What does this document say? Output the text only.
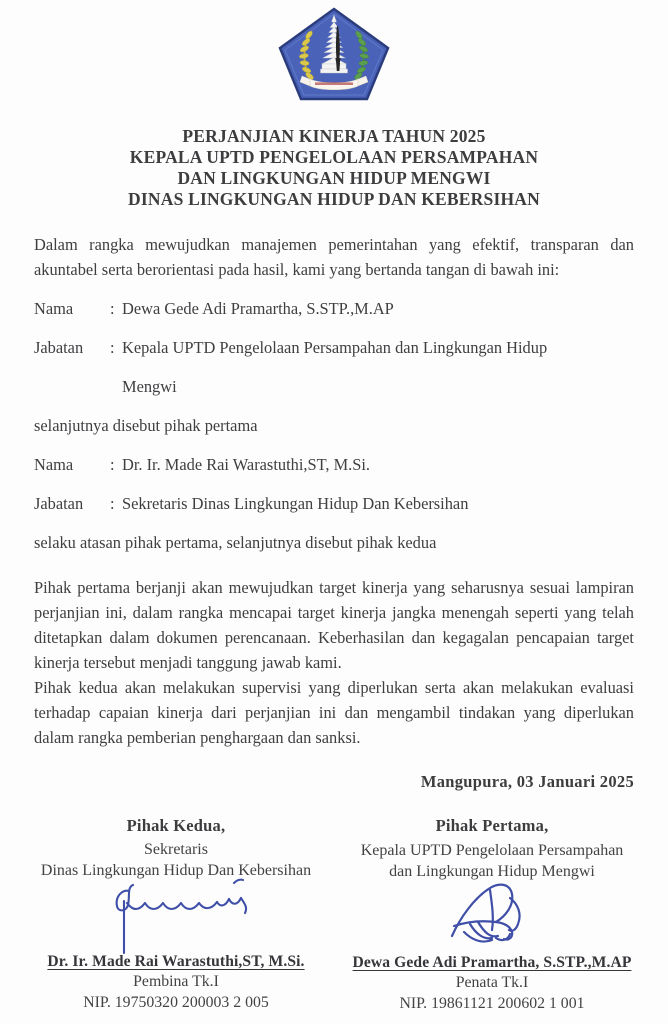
PERJANJIAN KINERJA TAHUN 2025
KEPALA UPTD PENGELOLAAN PERSAMPAHAN
DAN LINGKUNGAN HIDUP MENGWI
DINAS LINGKUNGAN HIDUP DAN KEBERSIHAN

Dalam rangka mewujudkan manajemen pemerintahan yang efektif, transparan dan akuntabel serta berorientasi pada hasil, kami yang bertanda tangan di bawah ini:

Nama	: Dewa Gede Adi Pramartha, S.STP.,M.AP
Jabatan	: Kepala UPTD Pengelolaan Persampahan dan Lingkungan Hidup
Mengwi

selanjutnya disebut pihak pertama

Nama	: Dr. Ir. Made Rai Warastuthi,ST, M.Si.
Jabatan	: Sekretaris Dinas Lingkungan Hidup Dan Kebersihan

selaku atasan pihak pertama, selanjutnya disebut pihak kedua

Pihak pertama berjanji akan mewujudkan target kinerja yang seharusnya sesuai lampiran perjanjian ini, dalam rangka mencapai target kinerja jangka menengah seperti yang telah ditetapkan dalam dokumen perencanaan. Keberhasilan dan kegagalan pencapaian target kinerja tersebut menjadi tanggung jawab kami.

Pihak kedua akan melakukan supervisi yang diperlukan serta akan melakukan evaluasi terhadap capaian kinerja dari perjanjian ini dan mengambil tindakan yang diperlukan dalam rangka pemberian penghargaan dan sanksi.

Mangupura, 03 Januari 2025
Pihak Kedua,
Sekretaris
Dinas Lingkungan Hidup Dan Kebersihan
Dr. Ir. Made Rai Warastuthi,ST, M.Si.
Pembina Tk.I
NIP. 19750320 200003 2 005
Pihak Pertama,
Kepala UPTD Pengelolaan Persampahan
dan Lingkungan Hidup Mengwi
Dewa Gede Adi Pramartha, S.STP.,M.AP
Penata Tk.I
NIP. 19861121 200602 1 001
